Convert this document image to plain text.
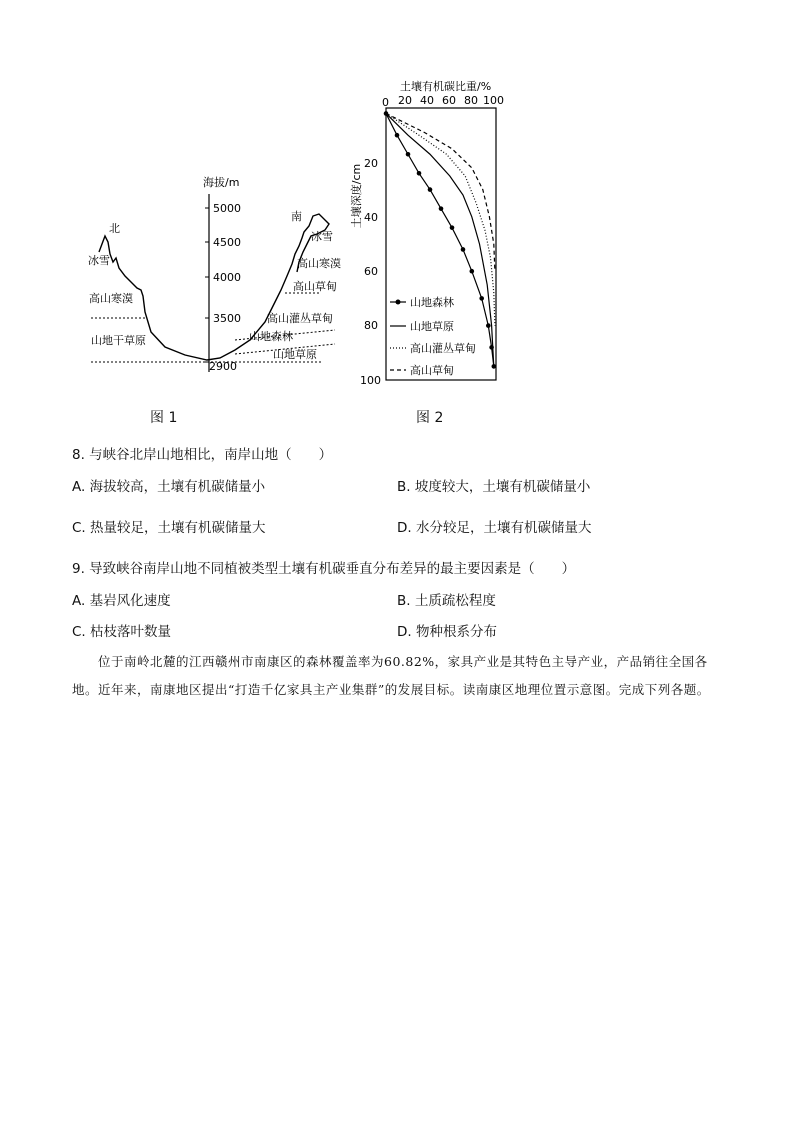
海拔/m
5000
4500
4000
3500
2900
北
冰雪
高山寒漠
山地干草原
南
冰雪
高山寒漠
高山草甸
高山灌丛草甸
山地森林
山地草原
图 1
土壤有机碳比重/%
0 20 40 60 80 100
20
40
60
80
100
土壤深度/cm
山地森林
山地草原
高山灌丛草甸
高山草甸
图 2
8. 与峡谷北岸山地相比，南岸山地（　　）
A. 海拔较高，土壤有机碳储量小	B. 坡度较大，土壤有机碳储量小
C. 热量较足，土壤有机碳储量大	D. 水分较足，土壤有机碳储量大
9. 导致峡谷南岸山地不同植被类型土壤有机碳垂直分布差异的最主要因素是（　　）
A. 基岩风化速度	B. 土质疏松程度
C. 枯枝落叶数量	D. 物种根系分布
位于南岭北麓的江西赣州市南康区的森林覆盖率为60.82%，家具产业是其特色主导产业，产品销往全国各地。近年来，南康地区提出“打造千亿家具主产业集群”的发展目标。读南康区地理位置示意图。完成下列各题。
